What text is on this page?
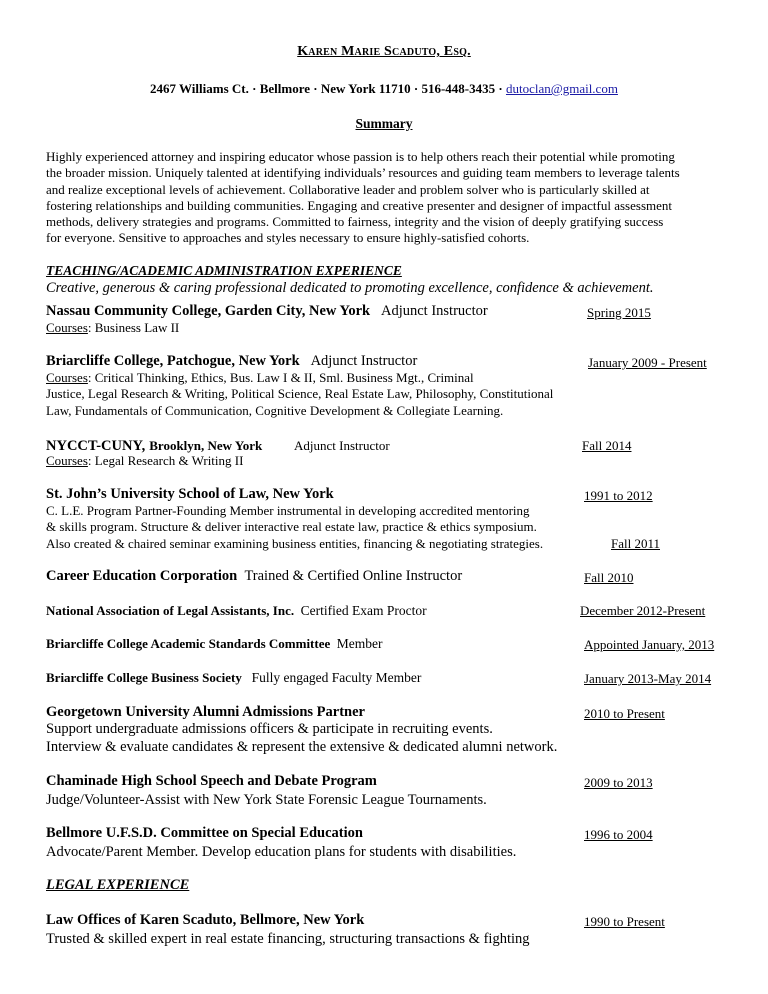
Karen Marie Scaduto, Esq.
2467 Williams Ct. · Bellmore · New York 11710 · 516-448-3435 · dutoclan@gmail.com
Summary
Highly experienced attorney and inspiring educator whose passion is to help others reach their potential while promoting
the broader mission. Uniquely talented at identifying individuals’ resources and guiding team members to leverage talents
and realize exceptional levels of achievement. Collaborative leader and problem solver who is particularly skilled at
fostering relationships and building communities. Engaging and creative presenter and designer of impactful assessment
methods, delivery strategies and programs. Committed to fairness, integrity and the vision of deeply gratifying success
for everyone. Sensitive to approaches and styles necessary to ensure highly-satisfied cohorts.
TEACHING/ACADEMIC ADMINISTRATION EXPERIENCE
Creative, generous & caring professional dedicated to promoting excellence, confidence & achievement.
Nassau Community College, Garden City, New York Adjunct Instructor	Spring 2015
Courses: Business Law II
Briarcliffe College, Patchogue, New York Adjunct Instructor	January 2009 - Present
Courses: Critical Thinking, Ethics, Bus. Law I & II, Sml. Business Mgt., Criminal
Justice, Legal Research & Writing, Political Science, Real Estate Law, Philosophy, Constitutional
Law, Fundamentals of Communication, Cognitive Development & Collegiate Learning.
NYCCT-CUNY, Brooklyn, New York Adjunct Instructor	Fall 2014
Courses: Legal Research & Writing II
St. John’s University School of Law, New York	1991 to 2012
C. L.E. Program Partner-Founding Member instrumental in developing accredited mentoring
& skills program. Structure & deliver interactive real estate law, practice & ethics symposium.
Also created & chaired seminar examining business entities, financing & negotiating strategies.	Fall 2011
Career Education Corporation Trained & Certified Online Instructor	Fall 2010
National Association of Legal Assistants, Inc. Certified Exam Proctor	December 2012-Present
Briarcliffe College Academic Standards Committee Member	Appointed January, 2013
Briarcliffe College Business Society Fully engaged Faculty Member	January 2013-May 2014
Georgetown University Alumni Admissions Partner	2010 to Present
Support undergraduate admissions officers & participate in recruiting events.
Interview & evaluate candidates & represent the extensive & dedicated alumni network.
Chaminade High School Speech and Debate Program	2009 to 2013
Judge/Volunteer-Assist with New York State Forensic League Tournaments.
Bellmore U.F.S.D. Committee on Special Education	1996 to 2004
Advocate/Parent Member. Develop education plans for students with disabilities.
LEGAL EXPERIENCE
Law Offices of Karen Scaduto, Bellmore, New York	1990 to Present
Trusted & skilled expert in real estate financing, structuring transactions & fighting
